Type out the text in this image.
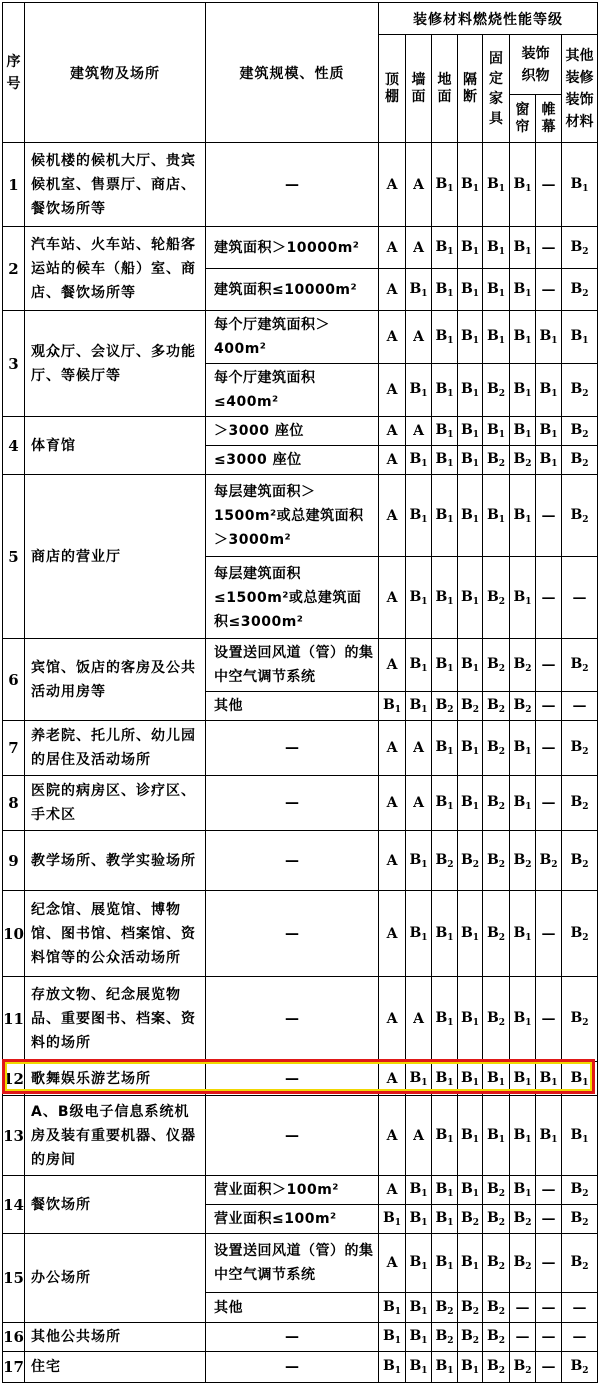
序号	建筑物及场所	建筑规模、性质	装修材料燃烧性能等级							
			顶棚	墙面	地面	隔断	固定家具	装饰织物		其他装修装饰材料
								窗帘	帷幕	
1	候机楼的候机大厅、贵宾候机室、售票厅、商店、餐饮场所等	—	A	A	$B_1$	$B_1$	$B_1$	$B_1$	—	$B_1$
2	汽车站、火车站、轮船客运站的候车（船）室、商店、餐饮场所等	建筑面积＞10000m²	A	A	$B_1$	$B_1$	$B_1$	$B_1$	—	$B_2$
		建筑面积≤10000m²	A	$B_1$	$B_1$	$B_1$	$B_1$	$B_1$	—	$B_2$
3	观众厅、会议厅、多功能厅、等候厅等	每个厅建筑面积＞400m²	A	A	$B_1$	$B_1$	$B_1$	$B_1$	$B_1$	$B_1$
		每个厅建筑面积≤400m²	A	$B_1$	$B_1$	$B_1$	$B_2$	$B_1$	$B_1$	$B_2$
4	体育馆	＞3000 座位	A	A	$B_1$	$B_1$	$B_1$	$B_1$	$B_1$	$B_2$
		≤3000 座位	A	$B_1$	$B_1$	$B_1$	$B_2$	$B_2$	$B_1$	$B_2$
5	商店的营业厅	每层建筑面积＞1500m²或总建筑面积＞3000m²	A	$B_1$	$B_1$	$B_1$	$B_1$	$B_1$	—	$B_2$
		每层建筑面积≤1500m²或总建筑面积≤3000m²	A	$B_1$	$B_1$	$B_1$	$B_2$	$B_1$	—	—
6	宾馆、饭店的客房及公共活动用房等	设置送回风道（管）的集中空气调节系统	A	$B_1$	$B_1$	$B_1$	$B_2$	$B_2$	—	$B_2$
		其他	$B_1$	$B_1$	$B_2$	$B_2$	$B_2$	$B_2$	—	—
7	养老院、托儿所、幼儿园的居住及活动场所	—	A	A	$B_1$	$B_1$	$B_2$	$B_1$	—	$B_2$
8	医院的病房区、诊疗区、手术区	—	A	A	$B_1$	$B_1$	$B_2$	$B_1$	—	$B_2$
9	教学场所、教学实验场所	—	A	$B_1$	$B_2$	$B_2$	$B_2$	$B_2$	$B_2$	$B_2$
10	纪念馆、展览馆、博物馆、图书馆、档案馆、资料馆等的公众活动场所	—	A	$B_1$	$B_1$	$B_1$	$B_2$	$B_1$	—	$B_2$
11	存放文物、纪念展览物品、重要图书、档案、资料的场所	—	A	A	$B_1$	$B_1$	$B_2$	$B_1$	—	$B_2$
12	歌舞娱乐游艺场所	—	A	$B_1$	$B_1$	$B_1$	$B_1$	$B_1$	$B_1$	$B_1$
13	A、B级电子信息系统机房及装有重要机器、仪器的房间	—	A	A	$B_1$	$B_1$	$B_1$	$B_1$	$B_1$	$B_1$
14	餐饮场所	营业面积＞100m²	A	$B_1$	$B_1$	$B_1$	$B_2$	$B_1$	—	$B_2$
		营业面积≤100m²	$B_1$	$B_1$	$B_1$	$B_2$	$B_2$	$B_2$	—	$B_2$
15	办公场所	设置送回风道（管）的集中空气调节系统	A	$B_1$	$B_1$	$B_1$	$B_2$	$B_2$	—	$B_2$
		其他	$B_1$	$B_1$	$B_2$	$B_2$	$B_2$	—	—	—
16	其他公共场所	—	$B_1$	$B_1$	$B_2$	$B_2$	$B_2$	—	—	—
17	住宅	—	$B_1$	$B_1$	$B_1$	$B_1$	$B_2$	$B_2$	—	$B_2$
